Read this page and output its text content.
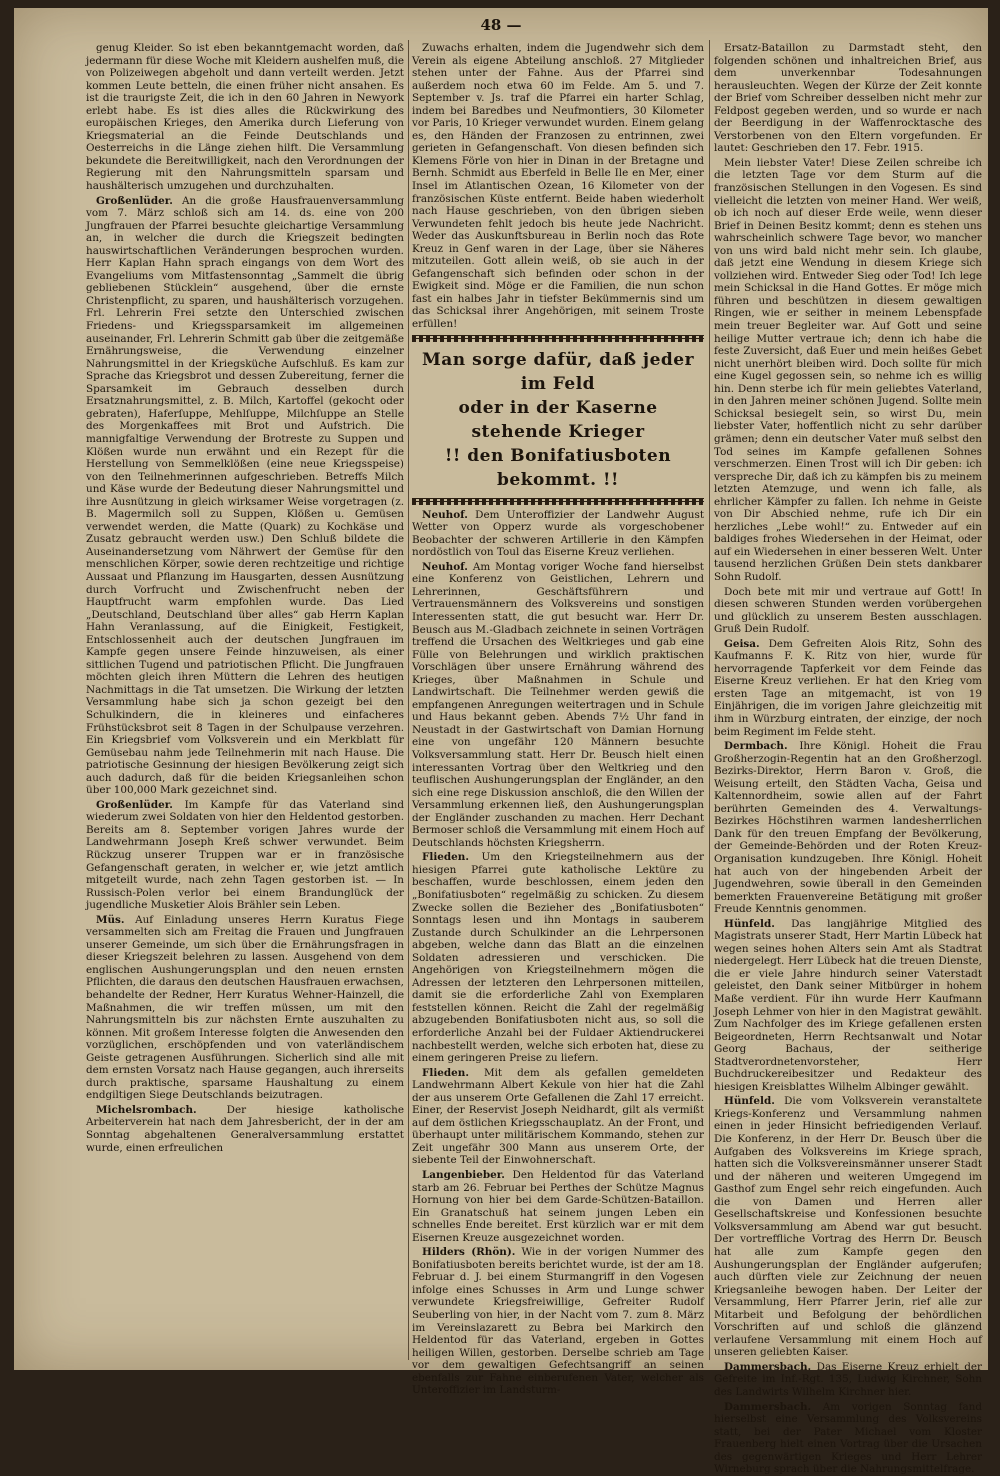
48 —

genug Kleider. So ist eben bekanntgemacht worden, daß jedermann für diese Woche mit Kleidern aushelfen muß, die von Polizeiwegen abgeholt und dann verteilt werden. Jetzt kommen Leute betteln, die einen früher nicht ansahen. Es ist die traurigste Zeit, die ich in den 60 Jahren in Newyork erlebt habe. Es ist dies alles die Rückwirkung des europäischen Krieges, den Amerika durch Lieferung von Kriegsmaterial an die Feinde Deutschlands und Oesterreichs in die Länge ziehen hilft. Die Versammlung bekundete die Bereitwilligkeit, nach den Verordnungen der Regierung mit den Nahrungsmitteln sparsam und haushälterisch umzugehen und durchzuhalten.

Großenlüder. An die große Hausfrauenversammlung vom 7. März schloß sich am 14. ds. eine von 200 Jungfrauen der Pfarrei besuchte gleichartige Versammlung an, in welcher die durch die Kriegszeit bedingten hauswirtschaftlichen Veränderungen besprochen wurden. Herr Kaplan Hahn sprach eingangs von dem Wort des Evangeliums vom Mitfastensonntag „Sammelt die übrig gebliebenen Stücklein“ ausgehend, über die ernste Christenpflicht, zu sparen, und haushälterisch vorzugehen. Frl. Lehrerin Frei setzte den Unterschied zwischen Friedens- und Kriegssparsamkeit im allgemeinen auseinander, Frl. Lehrerin Schmitt gab über die zeitgemäße Ernährungsweise, die Verwendung einzelner Nahrungsmittel in der Kriegsküche Aufschluß. Es kam zur Sprache das Kriegsbrot und dessen Zubereitung, ferner die Sparsamkeit im Gebrauch desselben durch Ersatznahrungsmittel, z. B. Milch, Kartoffel (gekocht oder gebraten), Haferſuppe, Mehlſuppe, Milchſuppe an Stelle des Morgenkaffees mit Brot und Aufstrich. Die mannigfaltige Verwendung der Brotreste zu Suppen und Klößen wurde nun erwähnt und ein Rezept für die Herstellung von Semmelklößen (eine neue Kriegsspeise) von den Teilnehmerinnen aufgeschrieben. Betreffs Milch und Käse wurde der Bedeutung dieser Nahrungsmittel und ihre Ausnützung in gleich wirksamer Weise vorgetragen (z. B. Magermilch soll zu Suppen, Klößen u. Gemüsen verwendet werden, die Matte (Quark) zu Kochkäse und Zusatz gebraucht werden usw.) Den Schluß bildete die Auseinandersetzung vom Nährwert der Gemüse für den menschlichen Körper, sowie deren rechtzeitige und richtige Aussaat und Pflanzung im Hausgarten, dessen Ausnützung durch Vorfrucht und Zwischenfrucht neben der Hauptfrucht warm empfohlen wurde. Das Lied „Deutschland, Deutschland über alles“ gab Herrn Kaplan Hahn Veranlassung, auf die Einigkeit, Festigkeit, Entschlossenheit auch der deutschen Jungfrauen im Kampfe gegen unsere Feinde hinzuweisen, als einer sittlichen Tugend und patriotischen Pflicht. Die Jungfrauen möchten gleich ihren Müttern die Lehren des heutigen Nachmittags in die Tat umsetzen. Die Wirkung der letzten Versammlung habe sich ja schon gezeigt bei den Schulkindern, die in kleineres und einfacheres Frühstücksbrot seit 8 Tagen in der Schulpause verzehren. Ein Kriegsbrief vom Volksverein und ein Merkblatt für Gemüsebau nahm jede Teilnehmerin mit nach Hause. Die patriotische Gesinnung der hiesigen Bevölkerung zeigt sich auch dadurch, daß für die beiden Kriegsanleihen schon über 100,000 Mark gezeichnet sind.

Großenlüder. Im Kampfe für das Vaterland sind wiederum zwei Soldaten von hier den Heldentod gestorben. Bereits am 8. September vorigen Jahres wurde der Landwehrmann Joseph Kreß schwer verwundet. Beim Rückzug unserer Truppen war er in französische Gefangenschaft geraten, in welcher er, wie jetzt amtlich mitgeteilt wurde, nach zehn Tagen gestorben ist. — In Russisch-Polen verlor bei einem Brandunglück der jugendliche Musketier Alois Brähler sein Leben.

Müs. Auf Einladung unseres Herrn Kuratus Fiege versammelten sich am Freitag die Frauen und Jungfrauen unserer Gemeinde, um sich über die Ernährungsfragen in dieser Kriegszeit belehren zu lassen. Ausgehend von dem englischen Aushungerungsplan und den neuen ernsten Pflichten, die daraus den deutschen Hausfrauen erwachsen, behandelte der Redner, Herr Kuratus Wehner-Hainzell, die Maßnahmen, die wir treffen müssen, um mit den Nahrungsmitteln bis zur nächsten Ernte auszuhalten zu können. Mit großem Interesse folgten die Anwesenden den vorzüglichen, erschöpfenden und von vaterländischem Geiste getragenen Ausführungen. Sicherlich sind alle mit dem ernsten Vorsatz nach Hause gegangen, auch ihrerseits durch praktische, sparsame Haushaltung zu einem endgiltigen Siege Deutschlands beizutragen.

Michelsrombach.	Der hiesige katholische Arbeiterverein hat nach dem Jahresbericht, der in der am Sonntag abgehaltenen Generalversammlung erstattet wurde, einen erfreulichen

Zuwachs erhalten, indem die Jugendwehr sich dem Verein als eigene Abteilung anschloß. 27 Mitglieder stehen unter der Fahne. Aus der Pfarrei sind außerdem noch etwa 60 im Felde. Am 5. und 7. September v. Js. traf die Pfarrei ein harter Schlag, indem bei Baredbes und Neufmontiers, 30 Kilometer vor Paris, 10 Krieger verwundet wurden. Einem gelang es, den Händen der Franzosen zu entrinnen, zwei gerieten in Gefangenschaft. Von diesen befinden sich Klemens Förle von hier in Dinan in der Bretagne und Bernh. Schmidt aus Eberfeld in Belle Ile en Mer, einer Insel im Atlantischen Ozean, 16 Kilometer von der französischen Küste entfernt. Beide haben wiederholt nach Hause geschrieben, von den übrigen sieben Verwundeten fehlt jedoch bis heute jede Nachricht. Weder das Auskunftsbureau in Berlin noch das Rote Kreuz in Genf waren in der Lage, über sie Näheres mitzuteilen. Gott allein weiß, ob sie auch in der Gefangenschaft sich befinden oder schon in der Ewigkeit sind. Möge er die Familien, die nun schon fast ein halbes Jahr in tiefster Bekümmernis sind um das Schicksal ihrer Angehörigen, mit seinem Troste erfüllen!

Man sorge dafür, daß jeder im Feld
oder in der Kaserne stehende Krieger
!! den Bonifatiusboten bekommt. !!

Neuhof. Dem Unteroffizier der Landwehr August Wetter von Opperz wurde als vorgeschobener Beobachter der schweren Artillerie in den Kämpfen nordöstlich von Toul das Eiserne Kreuz verliehen.

Neuhof. Am Montag voriger Woche fand hierselbst eine Konferenz von Geistlichen, Lehrern und Lehrerinnen, Geschäftsführern und Vertrauensmännern des Volksvereins und sonstigen Interessenten statt, die gut besucht war. Herr Dr. Beusch aus M.-Gladbach zeichnete in seinen Vorträgen treffend die Ursachen des Weltkrieges und gab eine Fülle von Belehrungen und wirklich praktischen Vorschlägen über unsere Ernährung während des Krieges, über Maßnahmen in Schule und Landwirtschaft. Die Teilnehmer werden gewiß die empfangenen Anregungen weitertragen und in Schule und Haus bekannt geben. Abends 7½ Uhr fand in Neustadt in der Gastwirtschaft von Damian Hornung eine von ungefähr 120 Männern besuchte Volksversammlung statt. Herr Dr. Beusch hielt einen interessanten Vortrag über den Weltkrieg und den teuflischen Aushungerungsplan der Engländer, an den sich eine rege Diskussion anschloß, die den Willen der Versammlung erkennen ließ, den Aushungerungsplan der Engländer zuschanden zu machen. Herr Dechant Bermoser schloß die Versammlung mit einem Hoch auf Deutschlands höchsten Kriegsherrn.

Flieden. Um den Kriegsteilnehmern aus der hiesigen Pfarrei gute katholische Lektüre zu beschaffen, wurde beschlossen, einem jeden den „Bonifatiusboten“ regelmäßig zu schicken. Zu diesem Zwecke sollen die Bezieher des „Bonifatiusboten“ Sonntags lesen und ihn Montags in sauberem Zustande durch Schulkinder an die Lehrpersonen abgeben, welche dann das Blatt an die einzelnen Soldaten adressieren und verschicken. Die Angehörigen von Kriegsteilnehmern mögen die Adressen der letzteren den Lehrpersonen mitteilen, damit sie die erforderliche Zahl von Exemplaren feststellen können. Reicht die Zahl der regelmäßig abzugebenden Bonifatiusboten nicht aus, so soll die erforderliche Anzahl bei der Fuldaer Aktiendruckerei nachbestellt werden, welche sich erboten hat, diese zu einem geringeren Preise zu liefern.

Flieden. Mit dem als gefallen gemeldeten Landwehrmann Albert Kekule von hier hat die Zahl der aus unserem Orte Gefallenen die Zahl 17 erreicht. Einer, der Reservist Joseph Neidhardt, gilt als vermißt auf dem östlichen Kriegsschauplatz. An der Front, und überhaupt unter militärischem Kommando, stehen zur Zeit ungefähr 300 Mann aus unserem Orte, der siebente Teil der Einwohnerschaft.

Langenbieber. Den Heldentod für das Vaterland starb am 26. Februar bei Perthes der Schütze Magnus Hornung von hier bei dem Garde-Schützen-Bataillon. Ein Granatschuß hat seinem jungen Leben ein schnelles Ende bereitet. Erst kürzlich war er mit dem Eisernen Kreuze ausgezeichnet worden.

Hilders (Rhön). Wie in der vorigen Nummer des Bonifatiusboten bereits berichtet wurde, ist der am 18. Februar d. J. bei einem Sturmangriff in den Vogesen infolge eines Schusses in Arm und Lunge schwer verwundete Kriegsfreiwillige, Gefreiter Rudolf Seuberling von hier, in der Nacht vom 7. zum 8. März im Vereinslazarett zu Bebra bei Markirch den Heldentod für das Vaterland, ergeben in Gottes heiligen Willen, gestorben. Derselbe schrieb am Tage vor dem gewaltigen Gefechtsangriff an seinen ebenfalls zur Fahne einberufenen Vater, welcher als Unteroffizier im Landsturm-

Ersatz-Bataillon zu Darmstadt steht, den folgenden schönen und inhaltreichen Brief, aus dem unverkennbar Todesahnungen herausleuchten. Wegen der Kürze der Zeit konnte der Brief vom Schreiber desselben nicht mehr zur Feldpost gegeben werden, und so wurde er nach der Beerdigung in der Waffenrocktasche des Verstorbenen von den Eltern vorgefunden. Er lautet: Geschrieben den 17. Febr. 1915.

Mein liebster Vater! Diese Zeilen schreibe ich die letzten Tage vor dem Sturm auf die französischen Stellungen in den Vogesen. Es sind vielleicht die letzten von meiner Hand. Wer weiß, ob ich noch auf dieser Erde weile, wenn dieser Brief in Deinen Besitz kommt; denn es stehen uns wahrscheinlich schwere Tage bevor, wo mancher von uns wird bald nicht mehr sein. Ich glaube, daß jetzt eine Wendung in diesem Kriege sich vollziehen wird. Entweder Sieg oder Tod! Ich lege mein Schicksal in die Hand Gottes. Er möge mich führen und beschützen in diesem gewaltigen Ringen, wie er seither in meinem Lebenspfade mein treuer Begleiter war. Auf Gott und seine heilige Mutter vertraue ich; denn ich habe die feste Zuversicht, daß Euer und mein heißes Gebet nicht unerhört bleiben wird. Doch sollte für mich eine Kugel gegossen sein, so nehme ich es willig hin. Denn sterbe ich für mein geliebtes Vaterland, in den Jahren meiner schönen Jugend. Sollte mein Schicksal besiegelt sein, so wirst Du, mein liebster Vater, hoffentlich nicht zu sehr darüber grämen; denn ein deutscher Vater muß selbst den Tod seines im Kampfe gefallenen Sohnes verschmerzen. Einen Trost will ich Dir geben: ich verspreche Dir, daß ich zu kämpfen bis zu meinem letzten Atemzuge, und wenn ich falle, als ehrlicher Kämpfer zu fallen. Ich nehme in Geiste von Dir Abschied nehme, rufe ich Dir ein herzliches „Lebe wohl!“ zu. Entweder auf ein baldiges frohes Wiedersehen in der Heimat, oder auf ein Wiedersehen in einer besseren Welt. Unter tausend herzlichen Grüßen Dein stets dankbarer Sohn Rudolf.

Doch bete mit mir und vertraue auf Gott! In diesen schweren Stunden werden vorübergehen und glücklich zu unserem Besten ausschlagen. Gruß Dein Rudolf.

Geisa. Dem Gefreiten Alois Ritz, Sohn des Kaufmanns F. K. Ritz von hier, wurde für hervorragende Tapferkeit vor dem Feinde das Eiserne Kreuz verliehen. Er hat den Krieg vom ersten Tage an mitgemacht, ist von 19 Einjährigen, die im vorigen Jahre gleichzeitig mit ihm in Würzburg eintraten, der einzige, der noch beim Regiment im Felde steht.

Dermbach. Ihre Königl. Hoheit die Frau Großherzogin-Regentin hat an den Großherzogl. Bezirks-Direktor, Herrn Baron v. Groß, die Weisung erteilt, den Städten Vacha, Geisa und Kaltennordheim, sowie allen auf der Fahrt berührten Gemeinden des 4. Verwaltungs-Bezirkes Höchstihren warmen landesherrlichen Dank für den treuen Empfang der Bevölkerung, der Gemeinde-Behörden und der Roten Kreuz-Organisation kundzugeben. Ihre Königl. Hoheit hat auch von der hingebenden Arbeit der Jugendwehren, sowie überall in den Gemeinden bemerkten Frauenvereine Betätigung mit großer Freude Kenntnis genommen.

Hünfeld. Das langjährige Mitglied des Magistrats unserer Stadt, Herr Martin Lübeck hat wegen seines hohen Alters sein Amt als Stadtrat niedergelegt. Herr Lübeck hat die treuen Dienste, die er viele Jahre hindurch seiner Vaterstadt geleistet, den Dank seiner Mitbürger in hohem Maße verdient. Für ihn wurde Herr Kaufmann Joseph Lehmer von hier in den Magistrat gewählt. Zum Nachfolger des im Kriege gefallenen ersten Beigeordneten, Herrn Rechtsanwalt und Notar Georg Bachaus, der seitherige Stadtverordnetenvorsteher, Herr Buchdruckereibesitzer und Redakteur des hiesigen Kreisblattes Wilhelm Albinger gewählt.

Hünfeld. Die vom Volksverein veranstaltete Kriegs-Konferenz und Versammlung nahmen einen in jeder Hinsicht befriedigenden Verlauf. Die Konferenz, in der Herr Dr. Beusch über die Aufgaben des Volksvereins im Kriege sprach, hatten sich die Volksvereinsmänner unserer Stadt und der näheren und weiteren Umgegend im Gasthof zum Engel sehr reich eingefunden. Auch die von Damen und Herren aller Gesellschaftskreise und Konfessionen besuchte Volksversammlung am Abend war gut besucht. Der vortreffliche Vortrag des Herrn Dr. Beusch hat alle zum Kampfe gegen den Aushungerungsplan der Engländer aufgerufen; auch dürften viele zur Zeichnung der neuen Kriegsanleihe bewogen haben. Der Leiter der Versammlung, Herr Pfarrer Jerin, rief alle zur Mitarbeit und Befolgung der behördlichen Vorschriften auf und schloß die glänzend verlaufene Versammlung mit einem Hoch auf unseren geliebten Kaiser.

Dammersbach. Das Eiserne Kreuz erhielt der Gefreite im Inf.-Rgt. 135, Ludwig Kirchner, Sohn des Landwirts Wilhelm Kirchner hier.

Dammersbach. Am vorigen Sonntag fand hierselbst eine Versammlung des Volksvereins statt, bei der Pater Michael vom Kloster Frauenberg hielt einen Vortrag über die Ursachen des gegenwärtigen Krieges und Herr Lehrer Wirneburg sprach über die Nahrungsmittelfrage.
